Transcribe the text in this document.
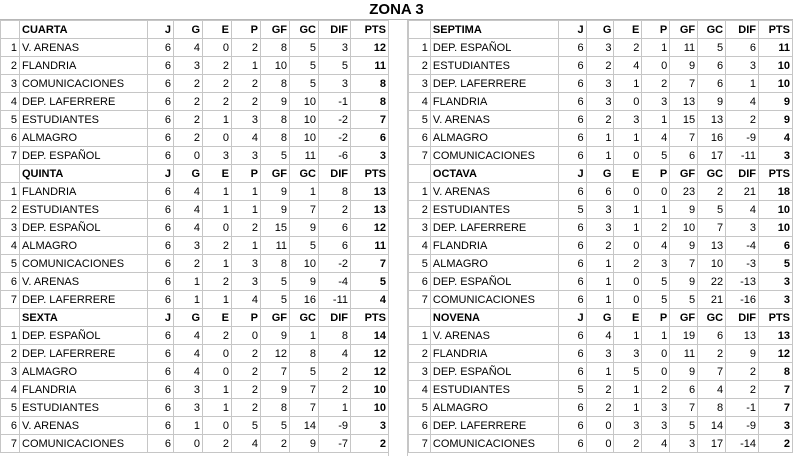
ZONA 3
	CUARTA	J	G	E	P	GF	GC	DIF	PTS
1	V. ARENAS	6	4	0	2	8	5	3	12
2	FLANDRIA	6	3	2	1	10	5	5	11
3	COMUNICACIONES	6	2	2	2	8	5	3	8
4	DEP. LAFERRERE	6	2	2	2	9	10	-1	8
5	ESTUDIANTES	6	2	1	3	8	10	-2	7
6	ALMAGRO	6	2	0	4	8	10	-2	6
7	DEP. ESPAÑOL	6	0	3	3	5	11	-6	3
	QUINTA	J	G	E	P	GF	GC	DIF	PTS
1	FLANDRIA	6	4	1	1	9	1	8	13
2	ESTUDIANTES	6	4	1	1	9	7	2	13
3	DEP. ESPAÑOL	6	4	0	2	15	9	6	12
4	ALMAGRO	6	3	2	1	11	5	6	11
5	COMUNICACIONES	6	2	1	3	8	10	-2	7
6	V. ARENAS	6	1	2	3	5	9	-4	5
7	DEP. LAFERRERE	6	1	1	4	5	16	-11	4
	SEXTA	J	G	E	P	GF	GC	DIF	PTS
1	DEP. ESPAÑOL	6	4	2	0	9	1	8	14
2	DEP. LAFERRERE	6	4	0	2	12	8	4	12
3	ALMAGRO	6	4	0	2	7	5	2	12
4	FLANDRIA	6	3	1	2	9	7	2	10
5	ESTUDIANTES	6	3	1	2	8	7	1	10
6	V. ARENAS	6	1	0	5	5	14	-9	3
7	COMUNICACIONES	6	0	2	4	2	9	-7	2
	SEPTIMA	J	G	E	P	GF	GC	DIF	PTS
1	DEP. ESPAÑOL	6	3	2	1	11	5	6	11
2	ESTUDIANTES	6	2	4	0	9	6	3	10
3	DEP. LAFERRERE	6	3	1	2	7	6	1	10
4	FLANDRIA	6	3	0	3	13	9	4	9
5	V. ARENAS	6	2	3	1	15	13	2	9
6	ALMAGRO	6	1	1	4	7	16	-9	4
7	COMUNICACIONES	6	1	0	5	6	17	-11	3
	OCTAVA	J	G	E	P	GF	GC	DIF	PTS
1	V. ARENAS	6	6	0	0	23	2	21	18
2	ESTUDIANTES	5	3	1	1	9	5	4	10
3	DEP. LAFERRERE	6	3	1	2	10	7	3	10
4	FLANDRIA	6	2	0	4	9	13	-4	6
5	ALMAGRO	6	1	2	3	7	10	-3	5
6	DEP. ESPAÑOL	6	1	0	5	9	22	-13	3
7	COMUNICACIONES	6	1	0	5	5	21	-16	3
	NOVENA	J	G	E	P	GF	GC	DIF	PTS
1	V. ARENAS	6	4	1	1	19	6	13	13
2	FLANDRIA	6	3	3	0	11	2	9	12
3	DEP. ESPAÑOL	6	1	5	0	9	7	2	8
4	ESTUDIANTES	5	2	1	2	6	4	2	7
5	ALMAGRO	6	2	1	3	7	8	-1	7
6	DEP. LAFERRERE	6	0	3	3	5	14	-9	3
7	COMUNICACIONES	6	0	2	4	3	17	-14	2
